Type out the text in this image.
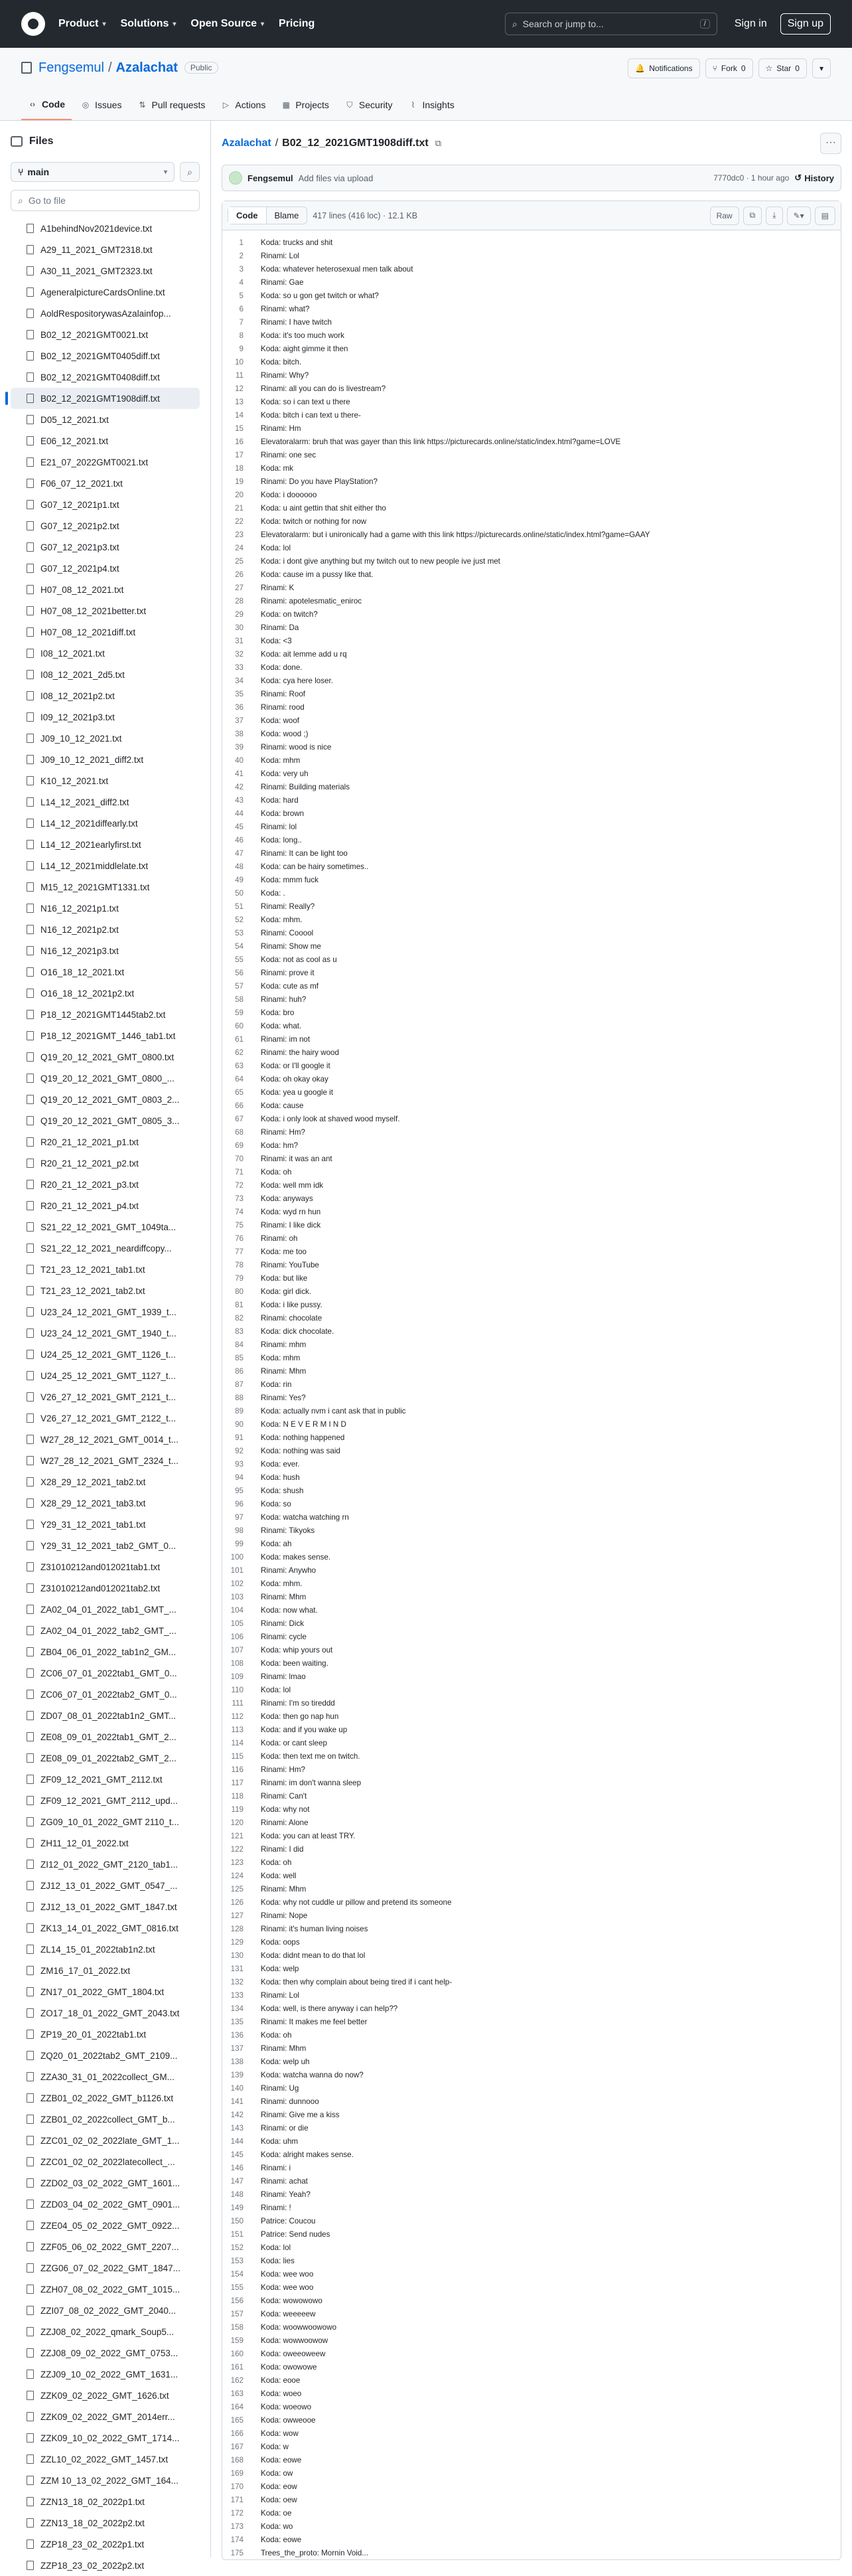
Product ▾ Solutions ▾ Open Source ▾ Pricing	⌕ Search or jump to...	/	Sign in	Sign up
Fengsemul / Azalachat	Public	🔔 Notifications	⑂ Fork 0	☆ Star 0	▾
‹› Code ◎ Issues ⇅ Pull requests ▷ Actions ▦ Projects ⛉ Security	⌇ Insights
Files
⑂ main	▾	⌕
⌕ Go to file
A1behindNov2021device.txt
A29_11_2021_GMT2318.txt
A30_11_2021_GMT2323.txt
AgeneralpictureCardsOnline.txt
AoldRespositorywasAzalainfop...
B02_12_2021GMT0021.txt
B02_12_2021GMT0405diff.txt
B02_12_2021GMT0408diff.txt
B02_12_2021GMT1908diff.txt
D05_12_2021.txt
E06_12_2021.txt
E21_07_2022GMT0021.txt
F06_07_12_2021.txt
G07_12_2021p1.txt
G07_12_2021p2.txt
G07_12_2021p3.txt
G07_12_2021p4.txt
H07_08_12_2021.txt
H07_08_12_2021better.txt
H07_08_12_2021diff.txt
I08_12_2021.txt
I08_12_2021_2d5.txt
I08_12_2021p2.txt
I09_12_2021p3.txt
J09_10_12_2021.txt
J09_10_12_2021_diff2.txt
K10_12_2021.txt
L14_12_2021_diff2.txt
L14_12_2021diffearly.txt
L14_12_2021earlyfirst.txt
L14_12_2021middlelate.txt
M15_12_2021GMT1331.txt
N16_12_2021p1.txt
N16_12_2021p2.txt
N16_12_2021p3.txt
O16_18_12_2021.txt
O16_18_12_2021p2.txt
P18_12_2021GMT1445tab2.txt
P18_12_2021GMT_1446_tab1.txt
Q19_20_12_2021_GMT_0800.txt
Q19_20_12_2021_GMT_0800_...
Q19_20_12_2021_GMT_0803_2...
Q19_20_12_2021_GMT_0805_3...
R20_21_12_2021_p1.txt
R20_21_12_2021_p2.txt
R20_21_12_2021_p3.txt
R20_21_12_2021_p4.txt
S21_22_12_2021_GMT_1049ta...
S21_22_12_2021_neardiffcopy...
T21_23_12_2021_tab1.txt
T21_23_12_2021_tab2.txt
U23_24_12_2021_GMT_1939_t...
U23_24_12_2021_GMT_1940_t...
U24_25_12_2021_GMT_1126_t...
U24_25_12_2021_GMT_1127_t...
V26_27_12_2021_GMT_2121_t...
V26_27_12_2021_GMT_2122_t...
W27_28_12_2021_GMT_0014_t...
W27_28_12_2021_GMT_2324_t...
X28_29_12_2021_tab2.txt
X28_29_12_2021_tab3.txt
Y29_31_12_2021_tab1.txt
Y29_31_12_2021_tab2_GMT_0...
Z31010212and012021tab1.txt
Z31010212and012021tab2.txt
ZA02_04_01_2022_tab1_GMT_...
ZA02_04_01_2022_tab2_GMT_...
ZB04_06_01_2022_tab1n2_GM...
ZC06_07_01_2022tab1_GMT_0...
ZC06_07_01_2022tab2_GMT_0...
ZD07_08_01_2022tab1n2_GMT...
ZE08_09_01_2022tab1_GMT_2...
ZE08_09_01_2022tab2_GMT_2...
ZF09_12_2021_GMT_2112.txt
ZF09_12_2021_GMT_2112_upd...
ZG09_10_01_2022_GMT 2110_t...
ZH11_12_01_2022.txt
ZI12_01_2022_GMT_2120_tab1...
ZJ12_13_01_2022_GMT_0547_...
ZJ12_13_01_2022_GMT_1847.txt
ZK13_14_01_2022_GMT_0816.txt
ZL14_15_01_2022tab1n2.txt
ZM16_17_01_2022.txt
ZN17_01_2022_GMT_1804.txt
ZO17_18_01_2022_GMT_2043.txt
ZP19_20_01_2022tab1.txt
ZQ20_01_2022tab2_GMT_2109...
ZZA30_31_01_2022collect_GM...
ZZB01_02_2022_GMT_b1126.txt
ZZB01_02_2022collect_GMT_b...
ZZC01_02_02_2022late_GMT_1...
ZZC01_02_02_2022latecollect_...
ZZD02_03_02_2022_GMT_1601...
ZZD03_04_02_2022_GMT_0901...
ZZE04_05_02_2022_GMT_0922...
ZZF05_06_02_2022_GMT_2207...
ZZG06_07_02_2022_GMT_1847...
ZZH07_08_02_2022_GMT_1015...
ZZI07_08_02_2022_GMT_2040...
ZZJ08_02_2022_qmark_Soup5...
ZZJ08_09_02_2022_GMT_0753...
ZZJ09_10_02_2022_GMT_1631...
ZZK09_02_2022_GMT_1626.txt
ZZK09_02_2022_GMT_2014err...
ZZK09_10_02_2022_GMT_1714...
ZZL10_02_2022_GMT_1457.txt
ZZM 10_13_02_2022_GMT_164...
ZZN13_18_02_2022p1.txt
ZZN13_18_02_2022p2.txt
ZZP18_23_02_2022p1.txt
ZZP18_23_02_2022p2.txt
Azalachat / B02_12_2021GMT1908diff.txt ⧉	···
Fengsemul Add files via upload	7770dc0 · 1 hour ago ↺ History
Code	Blame	417 lines (416 loc) · 12.1 KB	Raw	⧉ ⤓ ✎ ▾ ▤
1	Koda: trucks and shit
2	Rinami: Lol
3	Koda: whatever heterosexual men talk about
4	Rinami: Gae
5	Koda: so u gon get twitch or what?
6	Rinami: what?
7	Rinami: I have twitch
8	Koda: it's too much work
9	Koda: aight gimme it then
10	Koda: bitch.
11	Rinami: Why?
12	Rinami: all you can do is livestream?
13	Koda: so i can text u there
14	Koda: bitch i can text u there-
15	Rinami: Hm
16	Elevatoralarm: bruh that was gayer than this link https://picturecards.online/static/index.html?game=LOVE
17	Rinami: one sec
18	Koda: mk
19	Rinami: Do you have PlayStation?
20	Koda: i doooooo
21	Koda: u aint gettin that shit either tho
22	Koda: twitch or nothing for now
23	Elevatoralarm: but i unironically had a game with this link https://picturecards.online/static/index.html?game=GAAY
24	Koda: lol
25	Koda: i dont give anything but my twitch out to new people ive just met
26	Koda: cause im a pussy like that.
27	Rinami: K
28	Rinami: apotelesmatic_eniroc
29	Koda: on twitch?
30	Rinami: Da
31	Koda: <3
32	Koda: ait lemme add u rq
33	Koda: done.
34	Koda: cya here loser.
35	Rinami: Roof
36	Rinami: rood
37	Koda: woof
38	Koda: wood ;)
39	Rinami: wood is nice
40	Koda: mhm
41	Koda: very uh
42	Rinami: Building materials
43	Koda: hard
44	Koda: brown
45	Rinami: lol
46	Koda: long..
47	Rinami: It can be light too
48	Koda: can be hairy sometimes..
49	Koda: mmm fuck
50	Koda: .
51	Rinami: Really?
52	Koda: mhm.
53	Rinami: Cooool
54	Rinami: Show me
55	Koda: not as cool as u
56	Rinami: prove it
57	Koda: cute as mf
58	Rinami: huh?
59	Koda: bro
60	Koda: what.
61	Rinami: im not
62	Rinami: the hairy wood
63	Koda: or I'll google it
64	Koda: oh okay okay
65	Koda: yea u google it
66	Koda: cause
67	Koda: i only look at shaved wood myself.
68	Rinami: Hm?
69	Koda: hm?
70	Rinami: it was an ant
71	Koda: oh
72	Koda: well mm idk
73	Koda: anyways
74	Koda: wyd rn hun
75	Rinami: I like dick
76	Rinami: oh
77	Koda: me too
78	Rinami: YouTube
79	Koda: but like
80	Koda: girl dick.
81	Koda: i like pussy.
82	Rinami: chocolate
83	Koda: dick chocolate.
84	Rinami: mhm
85	Koda: mhm
86	Rinami: Mhm
87	Koda: rin
88	Rinami: Yes?
89	Koda: actually nvm i cant ask that in public
90	Koda: N E V E R M I N D
91	Koda: nothing happened
92	Koda: nothing was said
93	Koda: ever.
94	Koda: hush
95	Koda: shush
96	Koda: so
97	Koda: watcha watching rn
98	Rinami: Tikyoks
99	Koda: ah
100	Koda: makes sense.
101	Rinami: Anywho
102	Koda: mhm.
103	Rinami: Mhm
104	Koda: now what.
105	Rinami: Dick
106	Rinami: cycle
107	Koda: whip yours out
108	Koda: been waiting.
109	Rinami: lmao
110	Koda: lol
111	Rinami: I'm so tireddd
112	Koda: then go nap hun
113	Koda: and if you wake up
114	Koda: or cant sleep
115	Koda: then text me on twitch.
116	Rinami: Hm?
117	Rinami: im don't wanna sleep
118	Rinami: Can't
119	Koda: why not
120	Rinami: Alone
121	Koda: you can at least TRY.
122	Rinami: I did
123	Koda: oh
124	Koda: well
125	Rinami: Mhm
126	Koda: why not cuddle ur pillow and pretend its someone
127	Rinami: Nope
128	Rinami: it's human living noises
129	Koda: oops
130	Koda: didnt mean to do that lol
131	Koda: welp
132	Koda: then why complain about being tired if i cant help-
133	Rinami: Lol
134	Koda: well, is there anyway i can help??
135	Rinami: It makes me feel better
136	Koda: oh
137	Rinami: Mhm
138	Koda: welp uh
139	Koda: watcha wanna do now?
140	Rinami: Ug
141	Rinami: dunnooo
142	Rinami: Give me a kiss
143	Rinami: or die
144	Koda: uhm
145	Koda: alright makes sense.
146	Rinami: i
147	Rinami: achat
148	Rinami: Yeah?
149	Rinami: !
150	Patrice: Coucou
151	Patrice: Send nudes
152	Koda: lol
153	Koda: lies
154	Koda: wee woo
155	Koda: wee woo
156	Koda: wowowowo
157	Koda: weeeeew
158	Koda: woowwoowowo
159	Koda: wowwoowow
160	Koda: oweeoweew
161	Koda: owowowe
162	Koda: eooe
163	Koda: woeo
164	Koda: woeowo
165	Koda: owweooe
166	Koda: wow
167	Koda: w
168	Koda: eowe
169	Koda: ow
170	Koda: eow
171	Koda: oew
172	Koda: oe
173	Koda: wo
174	Koda: eowe
175	Trees_the_proto: Mornin Void...
